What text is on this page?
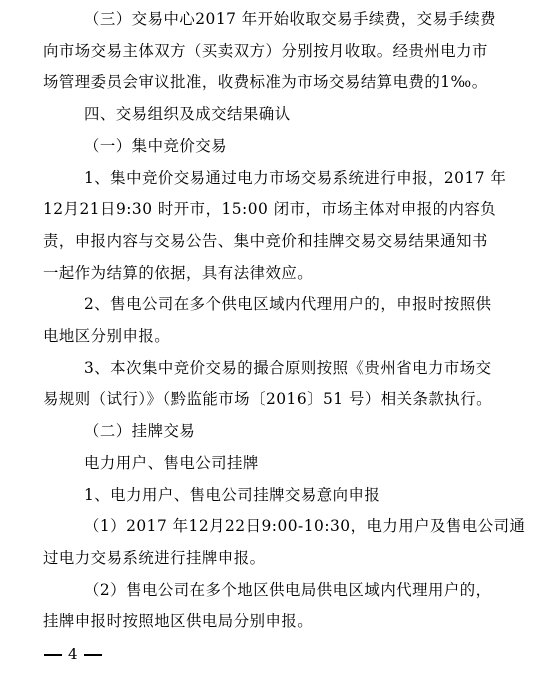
（三）交易中心2017 年开始收取交易手续费，交易手续费
向市场交易主体双方（买卖双方）分别按月收取。经贵州电力市
场管理委员会审议批准，收费标准为市场交易结算电费的1‰。
四、交易组织及成交结果确认
（一）集中竞价交易
1、集中竞价交易通过电力市场交易系统进行申报，2017 年
12月21日9:30 时开市，15:00 闭市，市场主体对申报的内容负
责，申报内容与交易公告、集中竞价和挂牌交易交易结果通知书
一起作为结算的依据，具有法律效应。
2、售电公司在多个供电区域内代理用户的，申报时按照供
电地区分别申报。
3、本次集中竞价交易的撮合原则按照《贵州省电力市场交
易规则（试行）》（黔监能市场〔2016〕51 号）相关条款执行。
（二）挂牌交易
电力用户、售电公司挂牌
1、电力用户、售电公司挂牌交易意向申报
（1）2017 年12月22日9:00-10:30，电力用户及售电公司通
过电力交易系统进行挂牌申报。
（2）售电公司在多个地区供电局供电区域内代理用户的，
挂牌申报时按照地区供电局分别申报。
4
